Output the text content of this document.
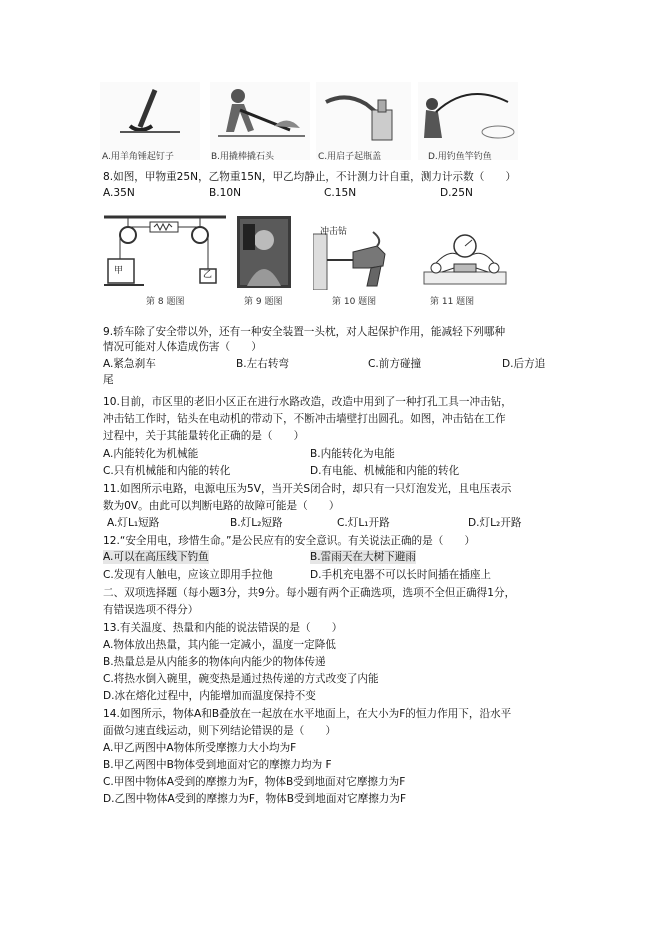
A.用羊角锤起钉子	B.用撬棒撬石头	C.用启子起瓶盖	D.用钓鱼竿钓鱼
8.如图，甲物重25N，乙物重15N，甲乙均静止，不计测力计自重，测力计示数（　　）
A.35N	B.10N	C.15N	D.25N
甲	乙
第 8 题图	第 9 题图
冲击钻
第 10 题图	第 11 题图
9.轿车除了安全带以外，还有一种安全装置一头枕，对人起保护作用，能减轻下列哪种
情况可能对人体造成伤害（　　）
A.紧急刹车	B.左右转弯	C.前方碰撞	D.后方追
尾
10.目前，市区里的老旧小区正在进行水路改造，改造中用到了一种打孔工具一冲击钻，
冲击钻工作时，钻头在电动机的带动下，不断冲击墙壁打出圆孔。如图，冲击钻在工作
过程中，关于其能量转化正确的是（　　）
A.内能转化为机械能	B.内能转化为电能
C.只有机械能和内能的转化	D.有电能、机械能和内能的转化
11.如图所示电路，电源电压为5V，当开关S闭合时，却只有一只灯泡发光，且电压表示
数为0V。由此可以判断电路的故障可能是（　　）
A.灯L₁短路	B.灯L₂短路	C.灯L₁开路	D.灯L₂开路
12.“安全用电，珍惜生命。”是公民应有的安全意识。有关说法正确的是（　　）
A.可以在高压线下钓鱼	B.雷雨天在大树下避雨
C.发现有人触电，应该立即用手拉他	D.手机充电器不可以长时间插在插座上
二、双项选择题（每小题3分，共9分。每小题有两个正确选项，选项不全但正确得1分，
有错误选项不得分）
13.有关温度、热量和内能的说法错误的是（　　）
A.物体放出热量，其内能一定减小，温度一定降低
B.热量总是从内能多的物体向内能少的物体传递
C.将热水倒入碗里，碗变热是通过热传递的方式改变了内能
D.冰在熔化过程中，内能增加而温度保持不变
14.如图所示，物体A和B叠放在一起放在水平地面上，在大小为F的恒力作用下，沿水平
面做匀速直线运动，则下列结论错误的是（　　）
A.甲乙两图中A物体所受摩擦力大小均为F
B.甲乙两图中B物体受到地面对它的摩擦力均为 F
C.甲图中物体A受到的摩擦力为F，物体B受到地面对它摩擦力为F
D.乙图中物体A受到的摩擦力为F，物体B受到地面对它摩擦力为F
